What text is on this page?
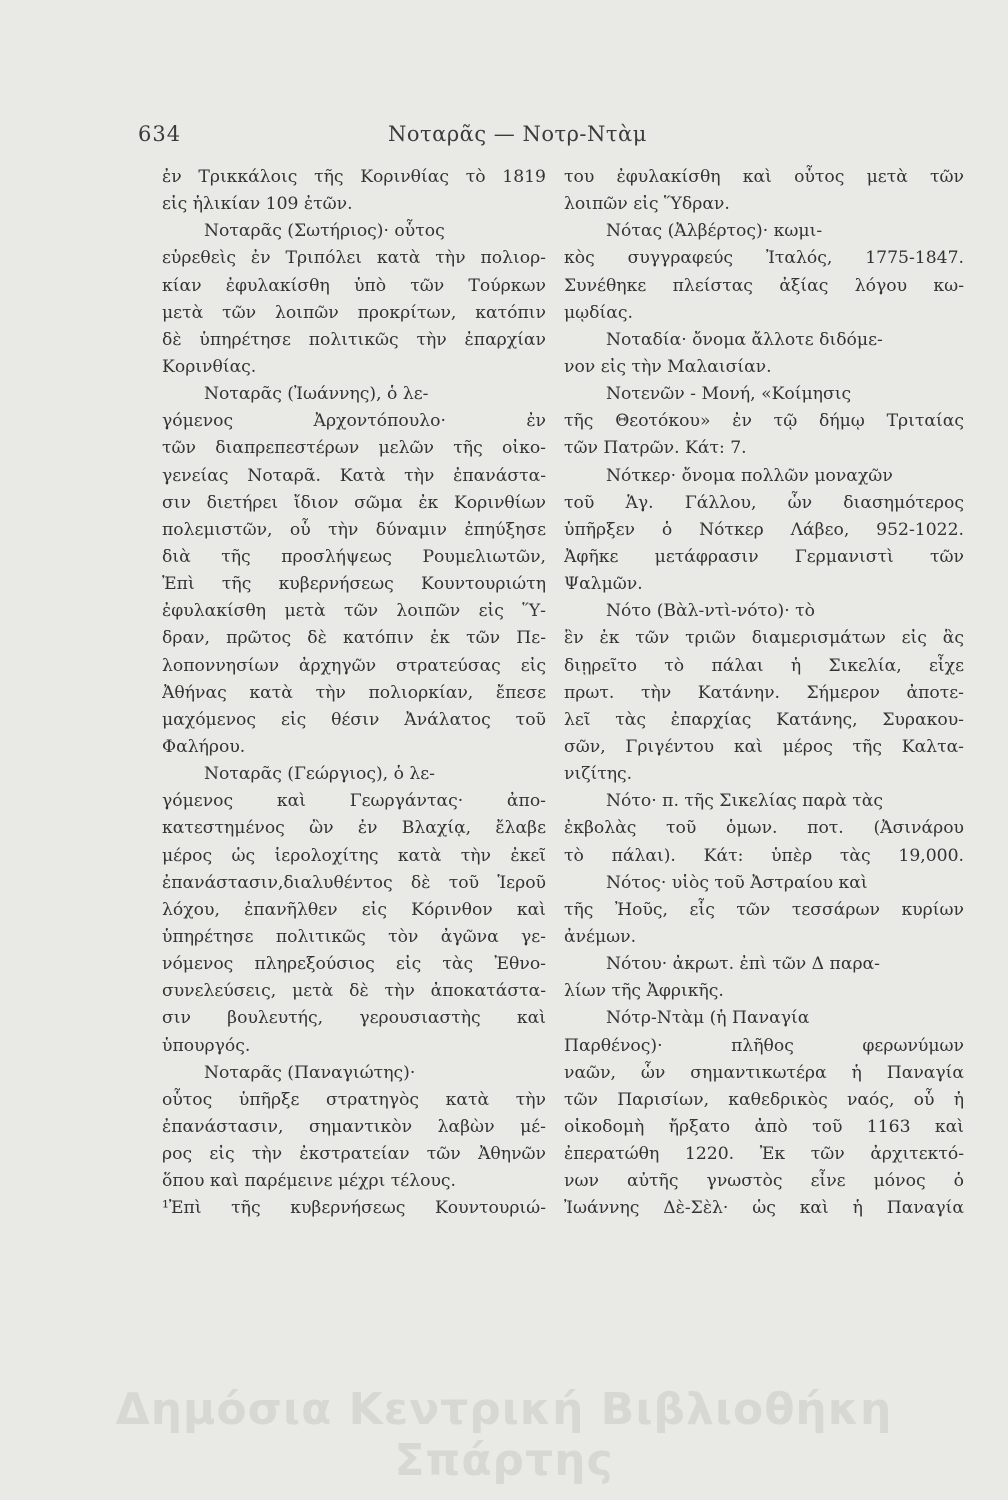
634	Νοταρᾶς — Νοτρ-Ντὰμ
ἐν Τρικκάλοις τῆς Κορινθίας τὸ 1819
εἰς ἡλικίαν 109 ἐτῶν.
Νοταρᾶς (Σωτήριος)· οὗτος
εὑρεθεὶς ἐν Τριπόλει κατὰ τὴν πολιορ-
κίαν ἐφυλακίσθη ὑπὸ τῶν Τούρκων
μετὰ τῶν λοιπῶν προκρίτων, κατόπιν
δὲ ὑπηρέτησε πολιτικῶς τὴν ἐπαρχίαν
Κορινθίας.
Νοταρᾶς (Ἰωάννης), ὁ λε-
γόμενος Ἀρχοντόπουλο· ἐν
τῶν διαπρεπεστέρων μελῶν τῆς οἰκο-
γενείας Νοταρᾶ. Κατὰ τὴν ἐπανάστα-
σιν διετήρει ἴδιον σῶμα ἐκ Κορινθίων
πολεμιστῶν, οὗ τὴν δύναμιν ἐπηύξησε
διὰ τῆς προσλήψεως Ρουμελιωτῶν,
Ἐπὶ τῆς κυβερνήσεως Κουντουριώτη
ἐφυλακίσθη μετὰ τῶν λοιπῶν εἰς Ὕ-
δραν, πρῶτος δὲ κατόπιν ἐκ τῶν Πε-
λοποννησίων ἀρχηγῶν στρατεύσας εἰς
Ἀθήνας κατὰ τὴν πολιορκίαν, ἔπεσε
μαχόμενος εἰς θέσιν Ἀνάλατος τοῦ
Φαλήρου.
Νοταρᾶς (Γεώργιος), ὁ λε-
γόμενος καὶ Γεωργάντας· ἀπο-
κατεστημένος ὢν ἐν Βλαχίᾳ, ἔλαβε
μέρος ὡς ἱερολοχίτης κατὰ τὴν ἐκεῖ
ἐπανάστασιν,διαλυθέντος δὲ τοῦ Ἱεροῦ
λόχου, ἐπανῆλθεν εἰς Κόρινθον καὶ
ὑπηρέτησε πολιτικῶς τὸν ἀγῶνα γε-
νόμενος πληρεξούσιος εἰς τὰς Ἐθνο-
συνελεύσεις, μετὰ δὲ τὴν ἀποκατάστα-
σιν βουλευτής, γερουσιαστὴς καὶ
ὑπουργός.
Νοταρᾶς (Παναγιώτης)·
οὗτος ὑπῆρξε στρατηγὸς κατὰ τὴν
ἐπανάστασιν, σημαντικὸν λαβὼν μέ-
ρος εἰς τὴν ἐκστρατείαν τῶν Ἀθηνῶν
ὅπου καὶ παρέμεινε μέχρι τέλους.
¹Ἐπὶ τῆς κυβερνήσεως Κουντουριώ-
του ἐφυλακίσθη καὶ οὗτος μετὰ τῶν
λοιπῶν εἰς Ὕδραν.
Νότας (Ἀλβέρτος)· κωμι-
κὸς συγγραφεύς Ἰταλός, 1775-1847.
Συνέθηκε πλείστας ἀξίας λόγου κω-
μῳδίας.
Νοταδία· ὄνομα ἄλλοτε διδόμε-
νον εἰς τὴν Μαλαισίαν.
Νοτενῶν - Μονή, «Κοίμησις
τῆς Θεοτόκου» ἐν τῷ δήμῳ Τριταίας
τῶν Πατρῶν. Κάτ: 7.
Νότκερ· ὄνομα πολλῶν μοναχῶν
τοῦ Ἁγ. Γάλλου, ὧν διασημότερος
ὑπῆρξεν ὁ Νότκερ Λάβεο, 952-1022.
Ἀφῆκε μετάφρασιν Γερμανιστὶ τῶν
Ψαλμῶν.
Νότο (Βὰλ-ντὶ-νότο)· τὸ
ἓν ἐκ τῶν τριῶν διαμερισμάτων εἰς ἃς
διῃρεῖτο τὸ πάλαι ἡ Σικελία, εἶχε
πρωτ. τὴν Κατάνην. Σήμερον ἀποτε-
λεῖ τὰς ἐπαρχίας Κατάνης, Συρακου-
σῶν, Γριγέντου καὶ μέρος τῆς Καλτα-
νιζίτης.
Νότο· π. τῆς Σικελίας παρὰ τὰς
ἐκβολὰς τοῦ ὁμων. ποτ. (Ἀσινάρου
τὸ πάλαι). Κάτ: ὑπὲρ τὰς 19,000.
Νότος· υἱὸς τοῦ Ἀστραίου καὶ
τῆς Ἠοῦς, εἷς τῶν τεσσάρων κυρίων
ἀνέμων.
Νότου· ἀκρωτ. ἐπὶ τῶν Δ παρα-
λίων τῆς Ἀφρικῆς.
Νότρ-Ντὰμ (ἡ Παναγία
Παρθένος)· πλῆθος φερωνύμων
ναῶν, ὧν σημαντικωτέρα ἡ Παναγία
τῶν Παρισίων, καθεδρικὸς ναός, οὗ ἡ
οἰκοδομὴ ἤρξατο ἀπὸ τοῦ 1163 καὶ
ἐπερατώθη 1220. Ἐκ τῶν ἀρχιτεκτό-
νων αὐτῆς γνωστὸς εἶνε μόνος ὁ
Ἰωάννης Δὲ-Σὲλ· ὡς καὶ ἡ Παναγία
Δημόσια Κεντρική Βιβλιοθήκη Σπάρτης
